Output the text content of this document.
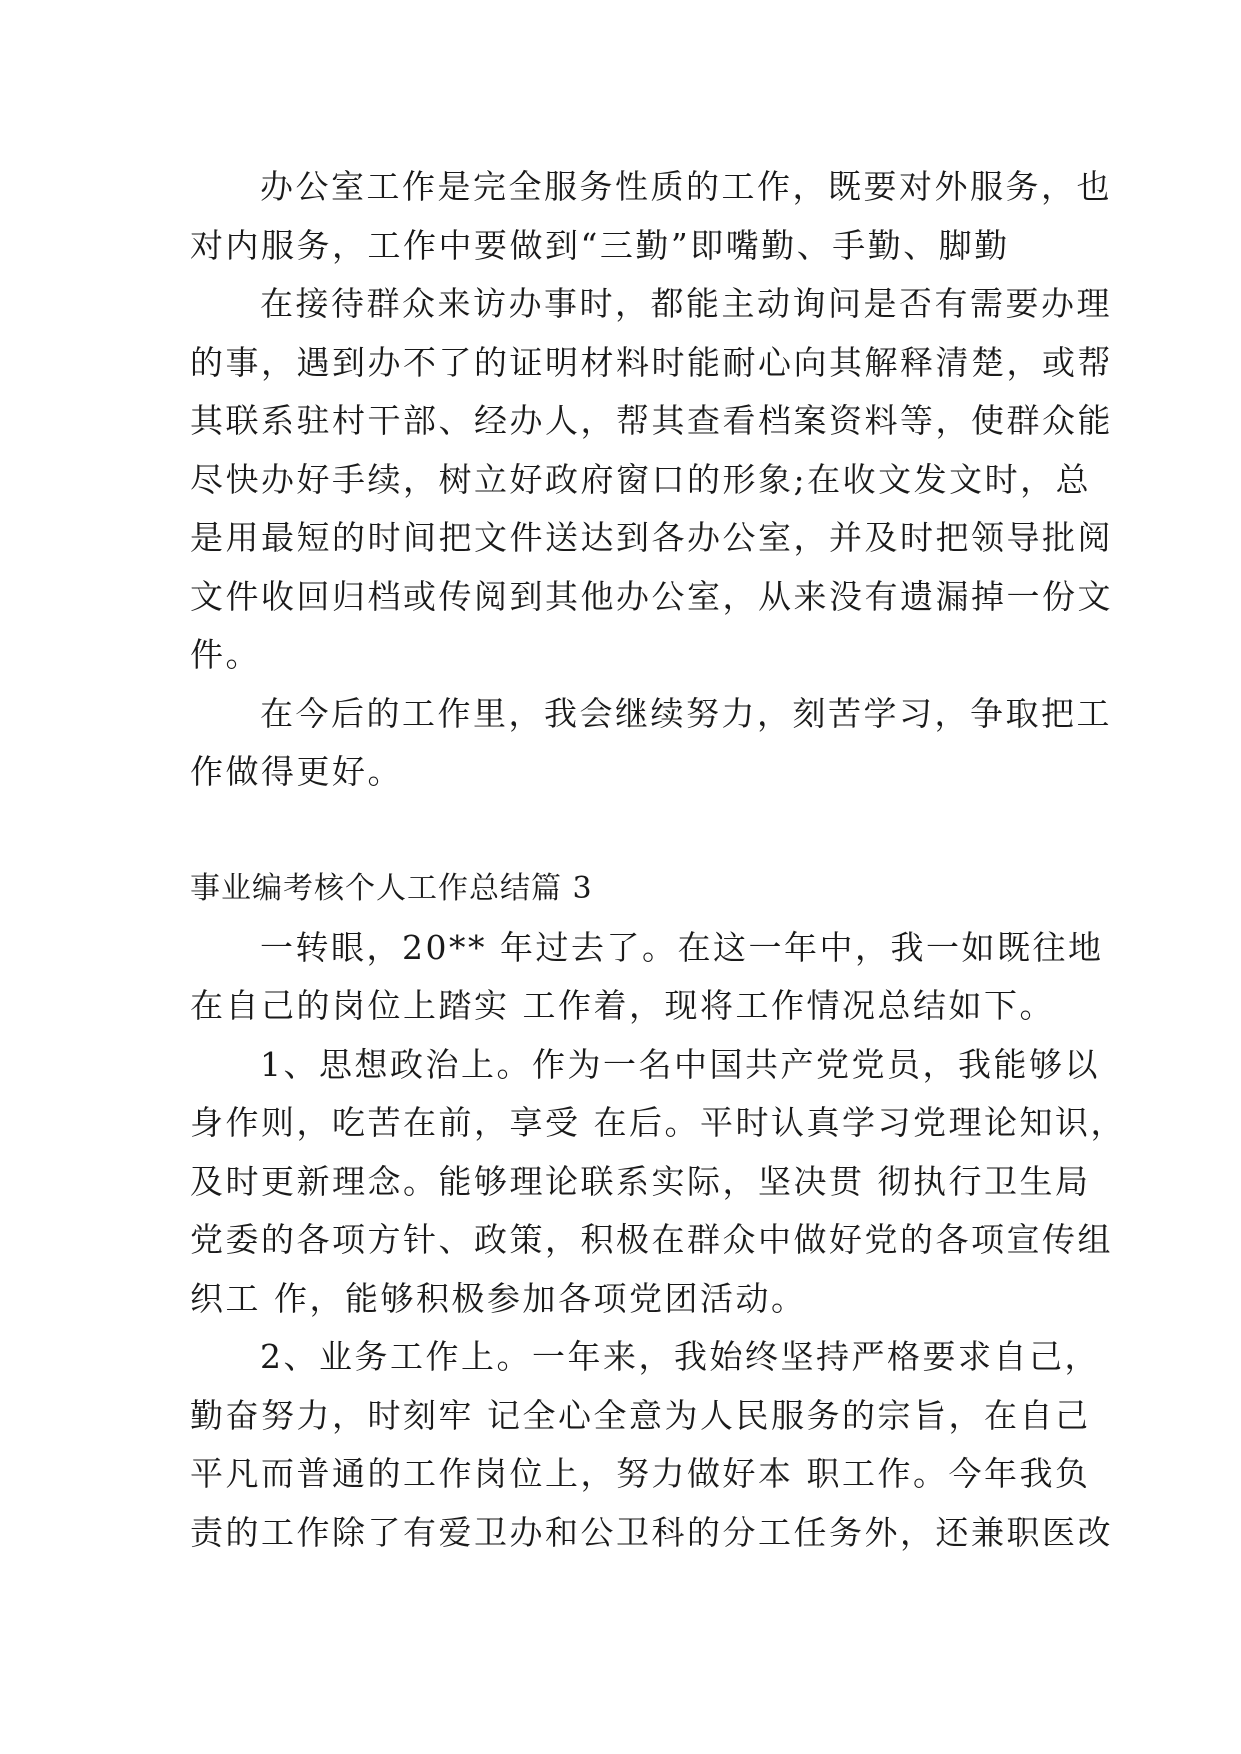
办公室工作是完全服务性质的工作，既要对外服务，也
对内服务，工作中要做到“三勤”即嘴勤、手勤、脚勤
在接待群众来访办事时，都能主动询问是否有需要办理
的事，遇到办不了的证明材料时能耐心向其解释清楚，或帮
其联系驻村干部、经办人，帮其查看档案资料等，使群众能
尽快办好手续，树立好政府窗口的形象;在收文发文时，总
是用最短的时间把文件送达到各办公室，并及时把领导批阅
文件收回归档或传阅到其他办公室，从来没有遗漏掉一份文
件。
在今后的工作里，我会继续努力，刻苦学习，争取把工
作做得更好。
事业编考核个人工作总结篇 3
一转眼，20** 年过去了。在这一年中，我一如既往地
在自己的岗位上踏实 工作着，现将工作情况总结如下。
1、思想政治上。作为一名中国共产党党员，我能够以
身作则，吃苦在前，享受 在后。平时认真学习党理论知识，
及时更新理念。能够理论联系实际，坚决贯 彻执行卫生局
党委的各项方针、政策，积极在群众中做好党的各项宣传组
织工 作，能够积极参加各项党团活动。
2、业务工作上。一年来，我始终坚持严格要求自己，
勤奋努力，时刻牢 记全心全意为人民服务的宗旨，在自己
平凡而普通的工作岗位上，努力做好本 职工作。今年我负
责的工作除了有爱卫办和公卫科的分工任务外，还兼职医改
